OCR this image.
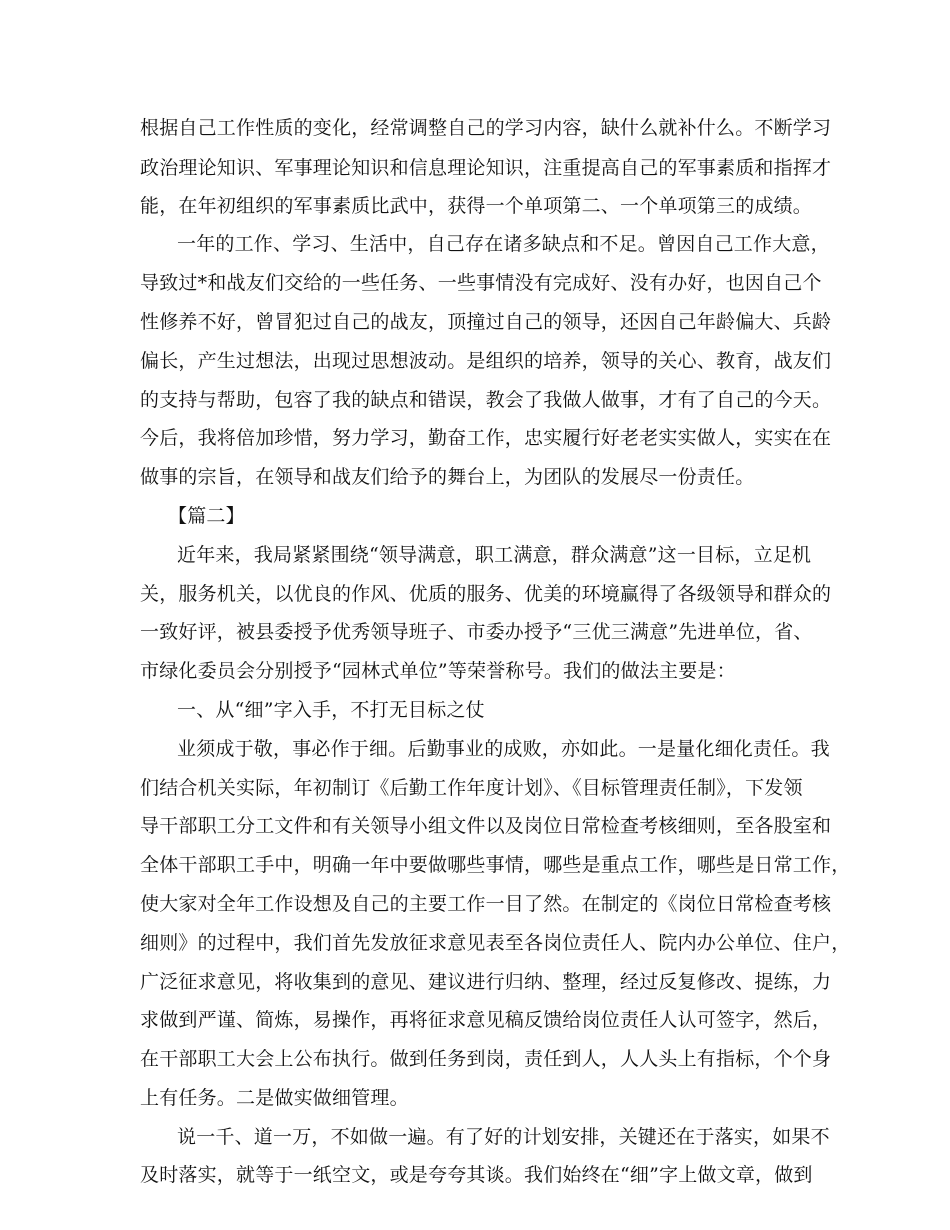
根据自己工作性质的变化，经常调整自己的学习内容，缺什么就补什么。不断学习
政治理论知识、军事理论知识和信息理论知识，注重提高自己的军事素质和指挥才
能，在年初组织的军事素质比武中，获得一个单项第二、一个单项第三的成绩。
一年的工作、学习、生活中，自己存在诸多缺点和不足。曾因自己工作大意，
导致过*和战友们交给的一些任务、一些事情没有完成好、没有办好，也因自己个
性修养不好，曾冒犯过自己的战友，顶撞过自己的领导，还因自己年龄偏大、兵龄
偏长，产生过想法，出现过思想波动。是组织的培养，领导的关心、教育，战友们
的支持与帮助，包容了我的缺点和错误，教会了我做人做事，才有了自己的今天。
今后，我将倍加珍惜，努力学习，勤奋工作，忠实履行好老老实实做人，实实在在
做事的宗旨，在领导和战友们给予的舞台上，为团队的发展尽一份责任。
【篇二】
近年来，我局紧紧围绕“领导满意，职工满意，群众满意”这一目标，立足机
关，服务机关，以优良的作风、优质的服务、优美的环境赢得了各级领导和群众的
一致好评，被县委授予优秀领导班子、市委办授予“三优三满意”先进单位，省、
市绿化委员会分别授予“园林式单位”等荣誉称号。我们的做法主要是：
一、从“细”字入手，不打无目标之仗
业须成于敬，事必作于细。后勤事业的成败，亦如此。一是量化细化责任。我
们结合机关实际，年初制订《后勤工作年度计划》、《目标管理责任制》，下发领
导干部职工分工文件和有关领导小组文件以及岗位日常检查考核细则，至各股室和
全体干部职工手中，明确一年中要做哪些事情，哪些是重点工作，哪些是日常工作，
使大家对全年工作设想及自己的主要工作一目了然。在制定的《岗位日常检查考核
细则》的过程中，我们首先发放征求意见表至各岗位责任人、院内办公单位、住户，
广泛征求意见，将收集到的意见、建议进行归纳、整理，经过反复修改、提练，力
求做到严谨、简炼，易操作，再将征求意见稿反馈给岗位责任人认可签字，然后，
在干部职工大会上公布执行。做到任务到岗，责任到人，人人头上有指标，个个身
上有任务。二是做实做细管理。
说一千、道一万，不如做一遍。有了好的计划安排，关键还在于落实，如果不
及时落实，就等于一纸空文，或是夸夸其谈。我们始终在“细”字上做文章，做到
